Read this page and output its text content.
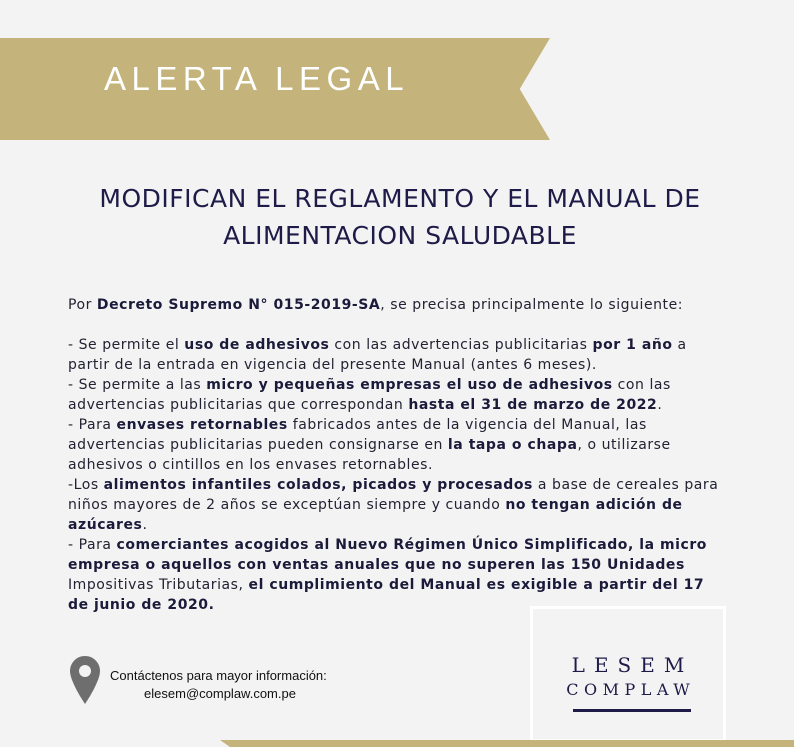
ALERTA LEGAL
MODIFICAN EL REGLAMENTO Y EL MANUAL DE
ALIMENTACION SALUDABLE

Por Decreto Supremo N° 015-2019-SA, se precisa principalmente lo siguiente:

- Se permite el uso de adhesivos con las advertencias publicitarias por 1 año a partir de la entrada en vigencia del presente Manual (antes 6 meses).

- Se permite a las micro y pequeñas empresas el uso de adhesivos con las advertencias publicitarias que correspondan hasta el 31 de marzo de 2022.

- Para envases retornables fabricados antes de la vigencia del Manual, las advertencias publicitarias pueden consignarse en la tapa o chapa, o utilizarse adhesivos o cintillos en los envases retornables.

-Los alimentos infantiles colados, picados y procesados a base de cereales para niños mayores de 2 años se exceptúan siempre y cuando no tengan adición de azúcares.

- Para comerciantes acogidos al Nuevo Régimen Único Simplificado, la micro empresa o aquellos con ventas anuales que no superen las 150 Unidades Impositivas Tributarias, el cumplimiento del Manual es exigible a partir del 17 de junio de 2020.

Contáctenos para mayor información:
elesem@complaw.com.pe
LESEM
COMPLAW
